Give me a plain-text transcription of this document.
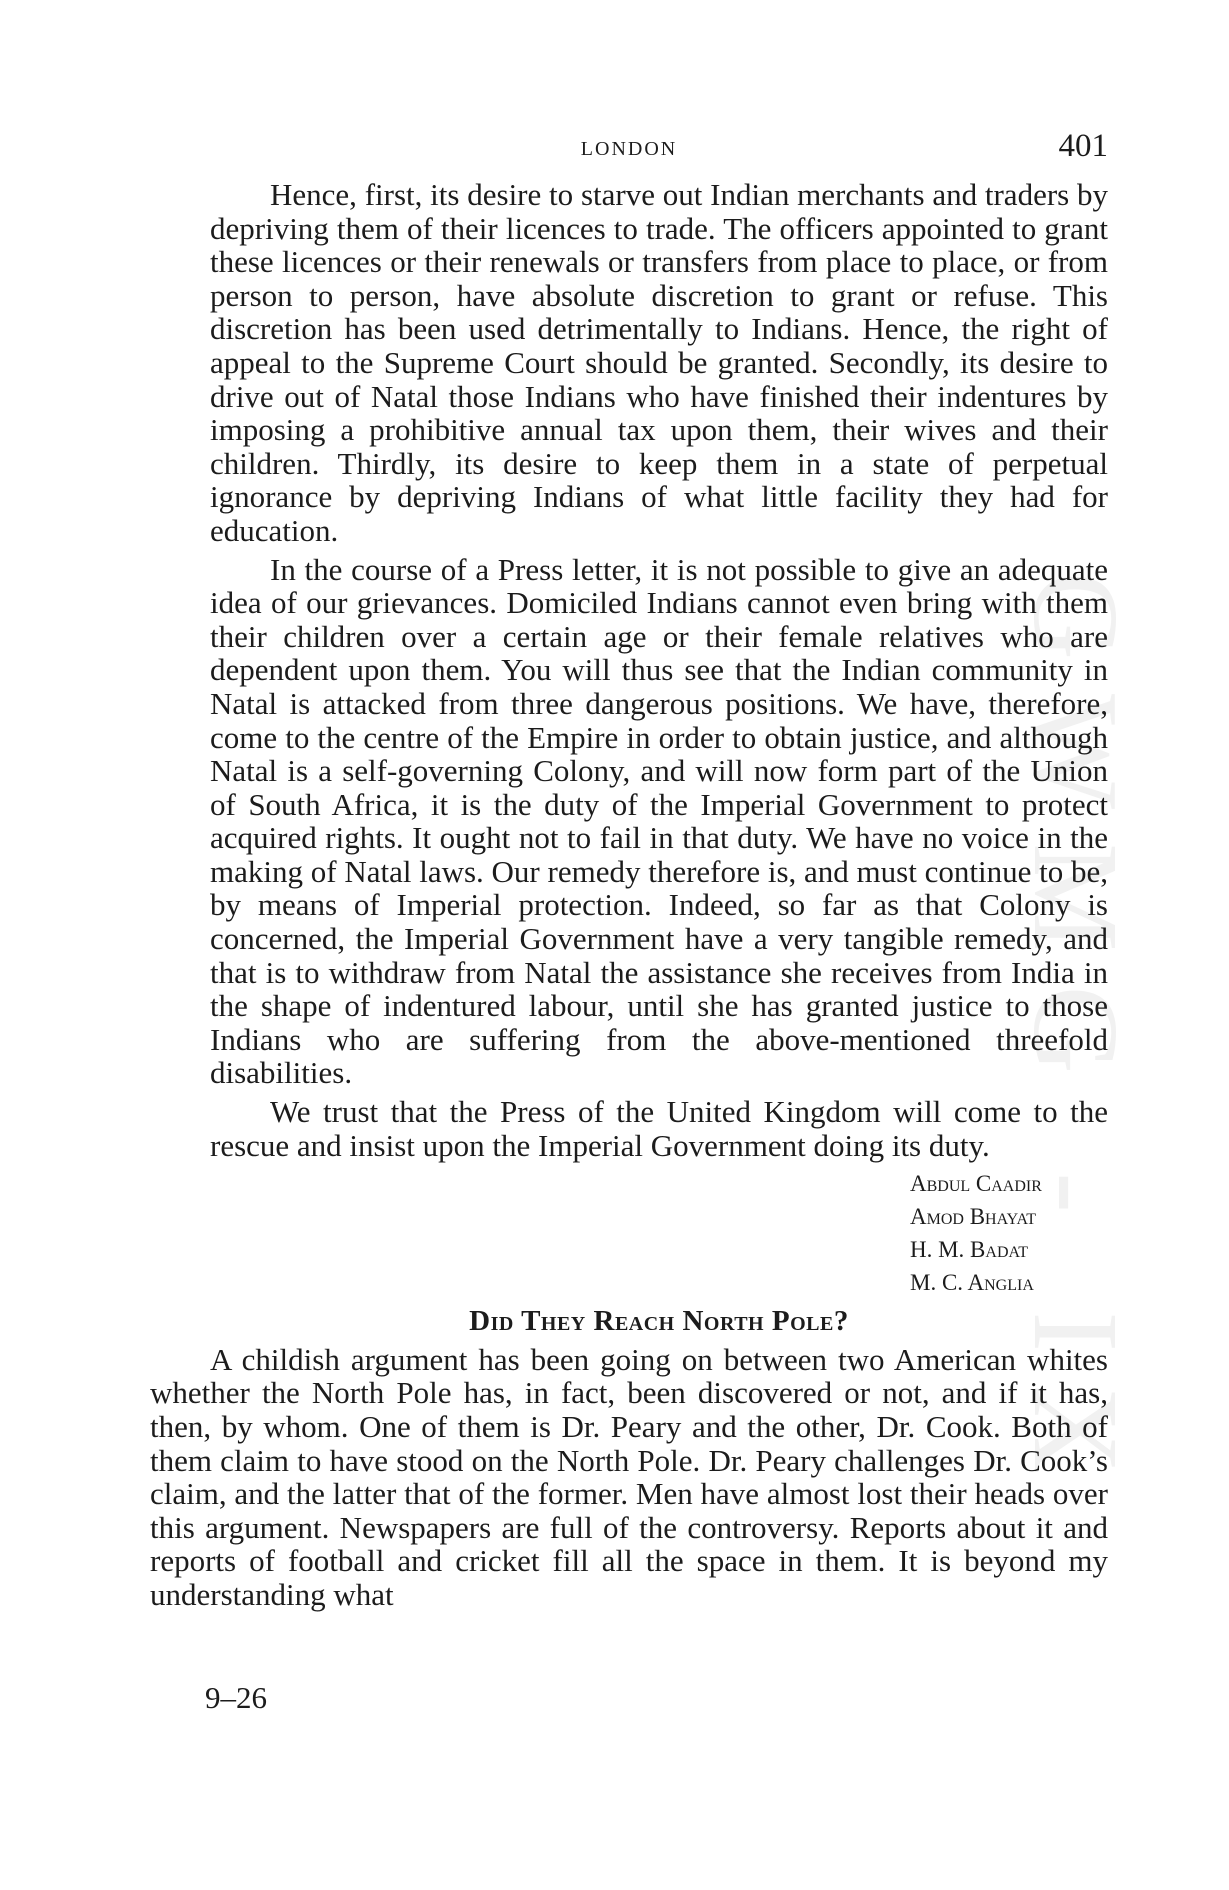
GWMG - IX
LONDON	401

Hence, first, its desire to starve out Indian merchants and traders by depriving them of their licences to trade. The officers appointed to grant these licences or their renewals or transfers from place to place, or from person to person, have absolute discretion to grant or refuse. This discretion has been used detrimentally to Indians. Hence, the right of appeal to the Supreme Court should be granted. Secondly, its desire to drive out of Natal those Indians who have finished their indentures by imposing a prohibitive annual tax upon them, their wives and their children. Thirdly, its desire to keep them in a state of perpetual ignorance by depriving Indians of what little facility they had for education.

In the course of a Press letter, it is not possible to give an adequate idea of our grievances. Domiciled Indians cannot even bring with them their children over a certain age or their female relatives who are dependent upon them. You will thus see that the Indian community in Natal is attacked from three dangerous positions. We have, therefore, come to the centre of the Empire in order to obtain justice, and although Natal is a self-governing Colony, and will now form part of the Union of South Africa, it is the duty of the Imperial Government to protect acquired rights. It ought not to fail in that duty. We have no voice in the making of Natal laws. Our remedy therefore is, and must continue to be, by means of Imperial protection. Indeed, so far as that Colony is concerned, the Imperial Government have a very tangible remedy, and that is to withdraw from Natal the assistance she receives from India in the shape of indentured labour, until she has granted justice to those Indians who are suffering from the above-mentioned threefold disabilities.

We trust that the Press of the United Kingdom will come to the rescue and insist upon the Imperial Government doing its duty.

Abdul Caadir
Amod Bhayat
H. M. Badat
M. C. Anglia
Did They Reach North Pole?

A childish argument has been going on between two American whites whether the North Pole has, in fact, been discovered or not, and if it has, then, by whom. One of them is Dr. Peary and the other, Dr. Cook. Both of them claim to have stood on the North Pole. Dr. Peary challenges Dr. Cook’s claim, and the latter that of the former. Men have almost lost their heads over this argument. Newspapers are full of the controversy. Reports about it and reports of football and cricket fill all the space in them. It is beyond my understanding what

9–26
